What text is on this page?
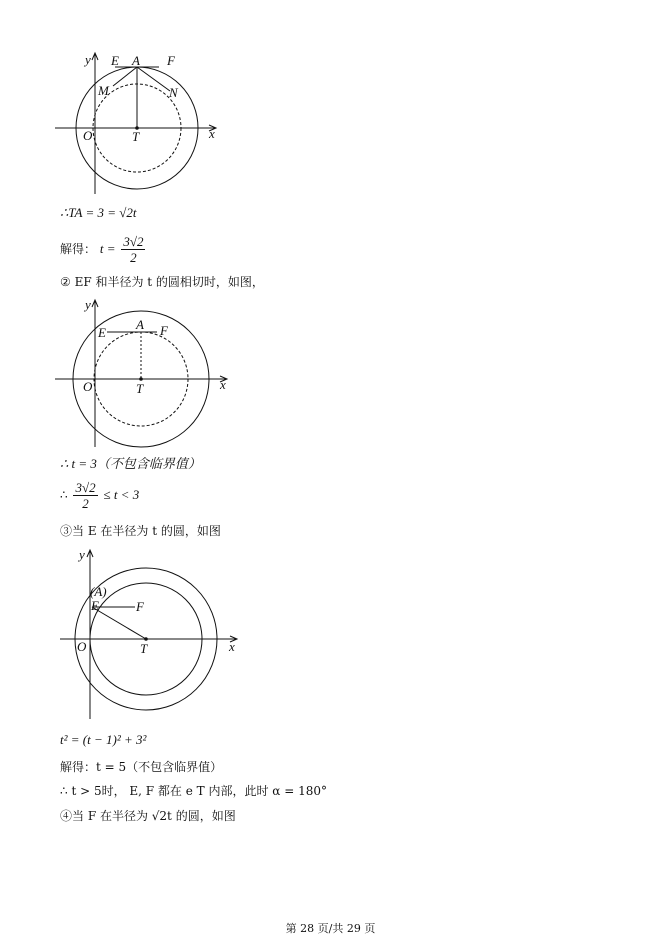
y E A F
M	N
O	T	x
∴TA = 3 = √2t
解得： $t = \frac{3√2}{2}$
② EF 和半径为 t 的圆相切时，如图，
y
E
A F
O	T	x
∴ t = 3（不包含临界值）
∴ $\frac{3√2}{2} \le t < 3$
③当 E 在半径为 t 的圆，如图
y
(A)
E	F
O	T	x
t² = (t − 1)² + 3²
解得：t = 5（不包含临界值）
∴ t > 5时， E, F 都在 e T 内部，此时 α = 180°
④当 F 在半径为 √2t 的圆，如图
第 28 页/共 29 页
